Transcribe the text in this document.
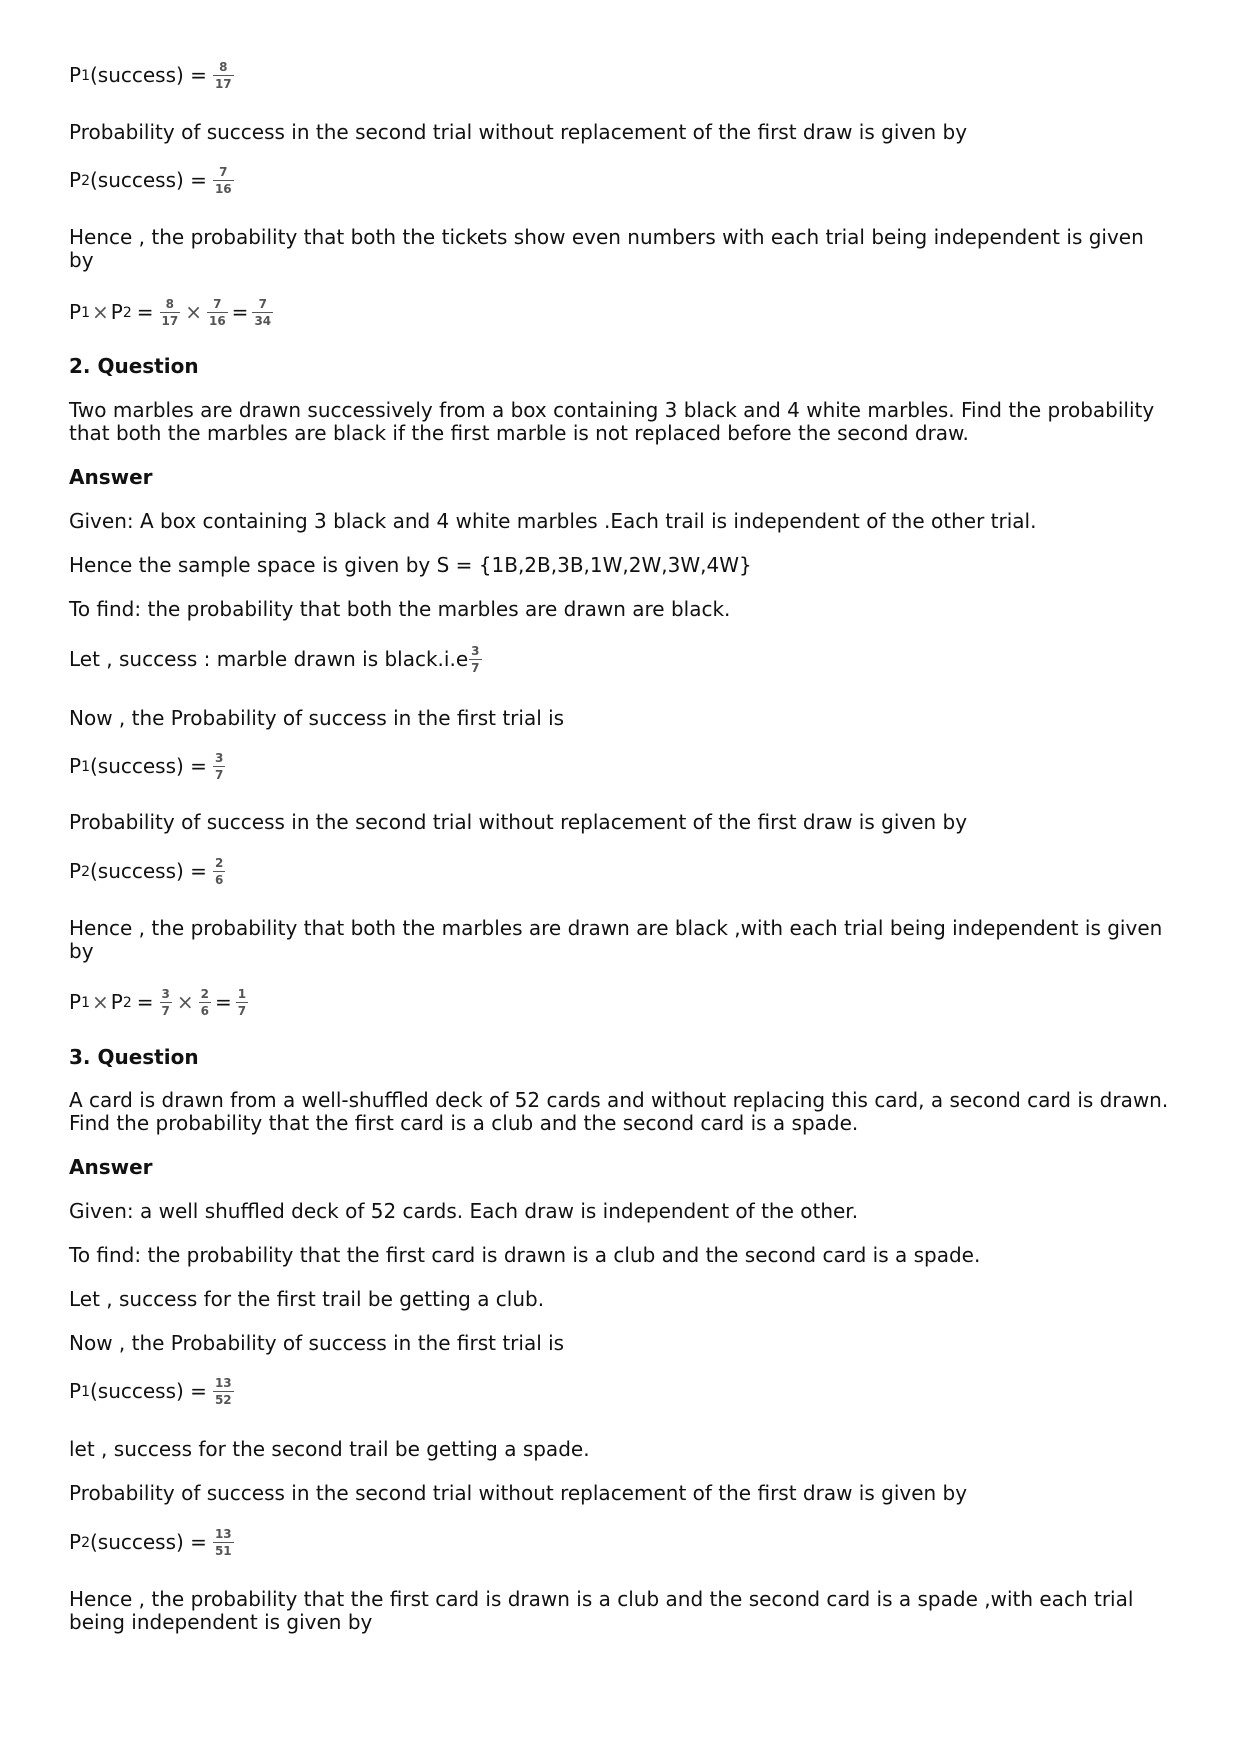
P 1 (success) = $\frac{8}{17}$

Probability of success in the second trial without replacement of the first draw is given by

P 2 (success) = $\frac{7}{16}$

Hence , the probability that both the tickets show even numbers with each trial being independent is given by

P 1 × P $2 = \frac{8}{17} \times \frac{7}{16} = \frac{7}{34}$

2. Question

Two marbles are drawn successively from a box containing 3 black and 4 white marbles. Find the probability that both the marbles are black if the first marble is not replaced before the second draw.

Answer

Given: A box containing 3 black and 4 white marbles .Each trail is independent of the other trial.

Hence the sample space is given by S = {1B,2B,3B,1W,2W,3W,4W}

To find: the probability that both the marbles are drawn are black.

Let , success : marble drawn is black.i.e $\frac{3}{7}$

Now , the Probability of success in the first trial is

P 1 (success) = $\frac{3}{7}$

Probability of success in the second trial without replacement of the first draw is given by

P 2 (success) = $\frac{2}{6}$

Hence , the probability that both the marbles are drawn are black ,with each trial being independent is given by

P 1 × P $2 = \frac{3}{7} \times \frac{2}{6} = \frac{1}{7}$

3. Question

A card is drawn from a well-shuffled deck of 52 cards and without replacing this card, a second card is drawn. Find the probability that the first card is a club and the second card is a spade.

Answer

Given: a well shuffled deck of 52 cards. Each draw is independent of the other.

To find: the probability that the first card is drawn is a club and the second card is a spade.

Let , success for the first trail be getting a club.

Now , the Probability of success in the first trial is

P 1 (success) = $\frac{13}{52}$

let , success for the second trail be getting a spade.

Probability of success in the second trial without replacement of the first draw is given by

P 2 (success) = $\frac{13}{51}$

Hence , the probability that the first card is drawn is a club and the second card is a spade ,with each trial being independent is given by
